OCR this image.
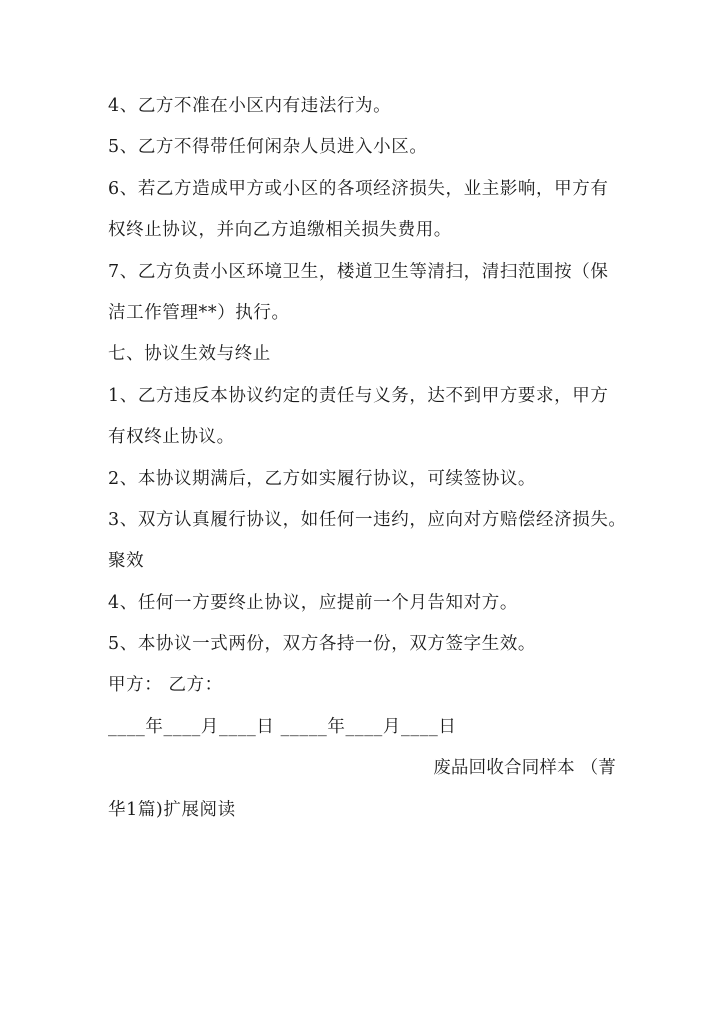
4、乙方不准在小区内有违法行为。
5、乙方不得带任何闲杂人员进入小区。
6、若乙方造成甲方或小区的各项经济损失，业主影响，甲方有
权终止协议，并向乙方追缴相关损失费用。
7、乙方负责小区环境卫生，楼道卫生等清扫，清扫范围按（保
洁工作管理**）执行。
七、协议生效与终止
1、乙方违反本协议约定的责任与义务，达不到甲方要求，甲方
有权终止协议。
2、本协议期满后，乙方如实履行协议，可续签协议。
3、双方认真履行协议，如任何一违约，应向对方赔偿经济损失。
聚效
4、任何一方要终止协议，应提前一个月告知对方。
5、本协议一式两份，双方各持一份，双方签字生效。
甲方： 乙方：
____年____月____日 _____年____月____日
废品回收合同样本 （菁
华1篇)扩展阅读
